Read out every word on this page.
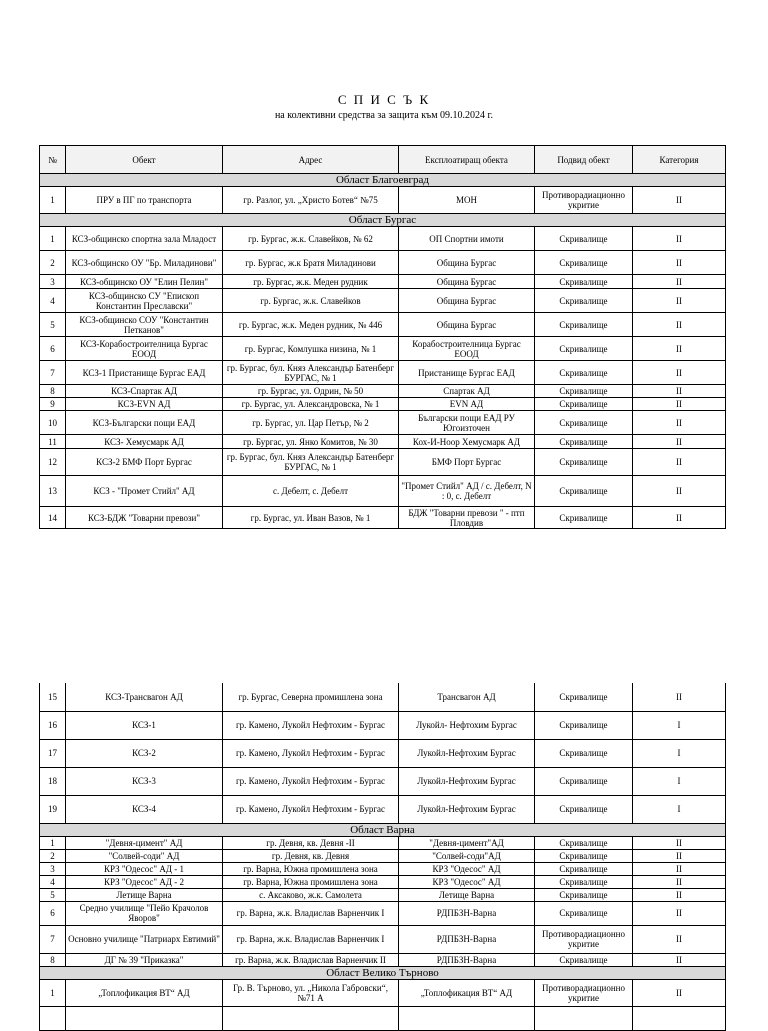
С П И С Ъ К
на колективни средства за защита към 09.10.2024 г.
№	Обект	Адрес	Експлоатиращ обекта	Подвид обект	Категория
Област Благоевград					
1	ПРУ в ПГ по транспорта	гр. Разлог, ул. „Христо Ботев“ №75	МОН	Противорадиационно укритие	II
Област Бургас					
1	КСЗ-общинско спортна зала Младост	гр. Бургас, ж.к. Славейков, № 62	ОП Спортни имоти	Скривалище	II
2	КСЗ-общинско ОУ "Бр. Миладинови"	гр. Бургас, ж.к Братя Миладинови	Община Бургас	Скривалище	II
3	КСЗ-общинско ОУ "Елин Пелин"	гр. Бургас, ж.к. Меден рудник	Община Бургас	Скривалище	II
4	КСЗ-общинско СУ "Епископ Константин Преславски"	гр. Бургас, ж.к. Славейков	Община Бургас	Скривалище	II
5	КСЗ-общинско СОУ "Константин Петканов"	гр. Бургас, ж.к. Меден рудник, № 446	Община Бургас	Скривалище	II
6	КСЗ-Корабостроителница Бургас ЕООД	гр. Бургас, Комлушка низина, № 1	Корабостроителница Бургас ЕООД	Скривалище	II
7	КСЗ-1 Пристанище Бургас ЕАД	гр. Бургас, бул. Княз Александър Батенберг БУРГАС, № 1	Пристанище Бургас ЕАД	Скривалище	II
8	КСЗ-Спартак АД	гр. Бургас, ул. Одрин, № 50	Спартак АД	Скривалище	II
9	КСЗ-EVN АД	гр. Бургас, ул. Александровска, № 1	EVN АД	Скривалище	II
10	КСЗ-Български пощи ЕАД	гр. Бургас, ул. Цар Петър, № 2	Български пощи ЕАД РУ Югоизточен	Скривалище	II
11	КСЗ- Хемусмарк АД	гр. Бургас, ул. Янко Комитов, № 30	Кох-И-Ноор Хемусмарк АД	Скривалище	II
12	КСЗ-2 БМФ Порт Бургас	гр. Бургас, бул. Княз Александър Батенберг БУРГАС, № 1	БМФ Порт Бургас	Скривалище	II
13	КСЗ - "Промет Стийл" АД	с. Дебелт, с. Дебелт	"Промет Стийл" АД / с. Дебелт, N : 0, с. Дебелт	Скривалище	II
14	КСЗ-БДЖ "Товарни превози"	гр. Бургас, ул. Иван Вазов, № 1	БДЖ "Товарни превози " - птп Пловдив	Скривалище	II
15	КСЗ-Трансвагон АД	гр. Бургас, Северна промишлена зона	Трансвагон АД	Скривалище	II
16	КСЗ-1	гр. Камено, Лукойл Нефтохим - Бургас	Лукойл- Нефтохим Бургас	Скривалище	I
17	КСЗ-2	гр. Камено, Лукойл Нефтохим - Бургас	Лукойл-Нефтохим Бургас	Скривалище	I
18	КСЗ-3	гр. Камено, Лукойл Нефтохим - Бургас	Лукойл-Нефтохим Бургас	Скривалище	I
19	КСЗ-4	гр. Камено, Лукойл Нефтохим - Бургас	Лукойл-Нефтохим Бургас	Скривалище	I
Област Варна					
1	"Девня-цимент" АД	гр. Девня, кв. Девня -II	"Девня-цимент"АД	Скривалище	II
2	"Солвей-соди" АД	гр. Девня, кв. Девня	"Солвей-соди"АД	Скривалище	II
3	КРЗ "Одесос" АД - 1	гр. Варна, Южна промишлена зона	КРЗ "Одесос" АД	Скривалище	II
4	КРЗ "Одесос" АД - 2	гр. Варна, Южна промишлена зона	КРЗ "Одесос" АД	Скривалище	II
5	Летище Варна	с. Аксаково, ж.к. Самолета	Летище Варна	Скривалище	II
6	Средно училище "Пейо Крачолов Яворов"	гр. Варна, ж.к. Владислав Варненчик I	РДПБЗН-Варна	Скривалище	II
7	Основно училище "Патриарх Евтимий"	гр. Варна, ж.к. Владислав Варненчик I	РДПБЗН-Варна	Противорадиационно укритие	II
8	ДГ № 39 "Приказка"	гр. Варна, ж.к. Владислав Варненчик II	РДПБЗН-Варна	Скривалище	II
Област Велико Търново					
1	„Топлофикация ВТ“ АД	Гр. В. Търново, ул. „Никола Габровски“, №71 А	„Топлофикация ВТ“ АД	Противорадиационно укритие	II
